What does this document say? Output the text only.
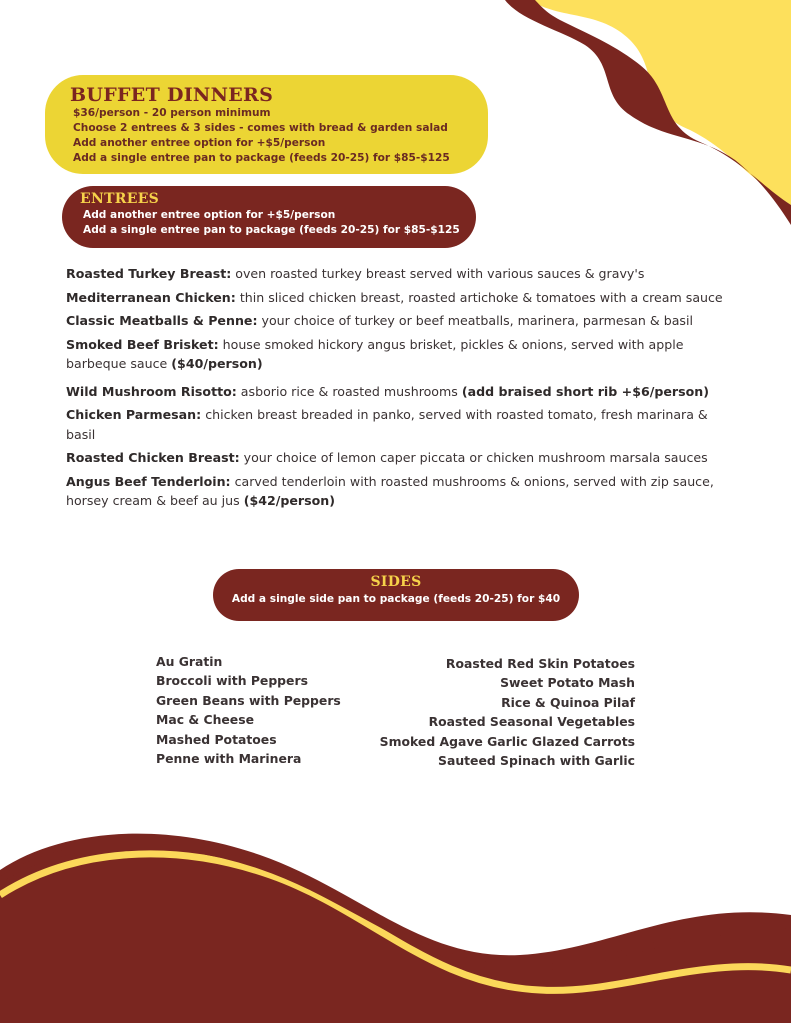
BUFFET DINNERS
$36/person - 20 person minimum
Choose 2 entrees & 3 sides - comes with bread & garden salad
Add another entree option for +$5/person
Add a single entree pan to package (feeds 20-25) for $85-$125
ENTREES
Add another entree option for +$5/person
Add a single entree pan to package (feeds 20-25) for $85-$125

Roasted Turkey Breast: oven roasted turkey breast served with various sauces & gravy's

Mediterranean Chicken: thin sliced chicken breast, roasted artichoke & tomatoes with a cream sauce

Classic Meatballs & Penne: your choice of turkey or beef meatballs, marinera, parmesan & basil

Smoked Beef Brisket: house smoked hickory angus brisket, pickles & onions, served with apple barbeque sauce ($40/person)

Wild Mushroom Risotto: asborio rice & roasted mushrooms (add braised short rib +$6/person)

Chicken Parmesan: chicken breast breaded in panko, served with roasted tomato, fresh marinara & basil

Roasted Chicken Breast: your choice of lemon caper piccata or chicken mushroom marsala sauces

Angus Beef Tenderloin: carved tenderloin with roasted mushrooms & onions, served with zip sauce, horsey cream & beef au jus ($42/person)

SIDES
Add a single side pan to package (feeds 20-25) for $40
Au Gratin
Broccoli with Peppers
Green Beans with Peppers
Mac & Cheese
Mashed Potatoes
Penne with Marinera
Roasted Red Skin Potatoes
Sweet Potato Mash
Rice & Quinoa Pilaf
Roasted Seasonal Vegetables
Smoked Agave Garlic Glazed Carrots
Sauteed Spinach with Garlic
